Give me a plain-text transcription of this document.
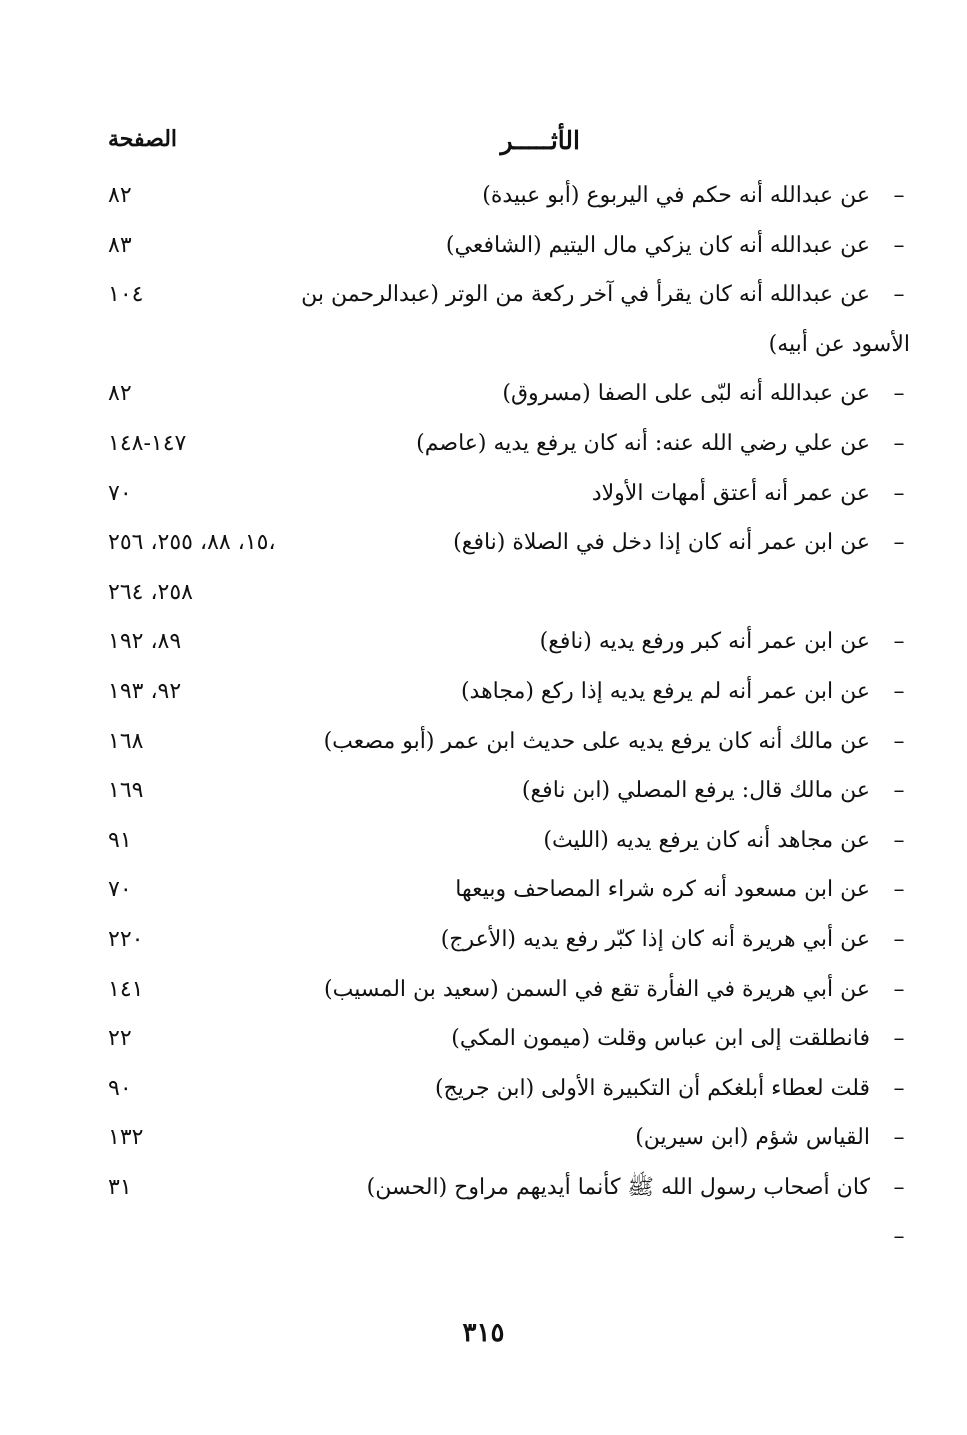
الأثـــــر
الصفحة
–
عن عبدالله أنه حكم في اليربوع (أبو عبيدة)
٨٢
–
عن عبدالله أنه كان يزكي مال اليتيم (الشافعي)
٨٣
–
عن عبدالله أنه كان يقرأ في آخر ركعة من الوتر (عبدالرحمن بن
١٠٤
الأسود عن أبيه)
–
عن عبدالله أنه لبّى على الصفا (مسروق)
٨٢
–
عن علي رضي الله عنه: أنه كان يرفع يديه (عاصم)
١٤٧-١٤٨
–
عن عمر أنه أعتق أمهات الأولاد
٧٠
–
عن ابن عمر أنه كان إذا دخل في الصلاة (نافع)
١٥، ٨٨، ٢٥٥، ٢٥٦،
٢٥٨، ٢٦٤
–
عن ابن عمر أنه كبر ورفع يديه (نافع)
٨٩، ١٩٢
–
عن ابن عمر أنه لم يرفع يديه إذا ركع (مجاهد)
٩٢، ١٩٣
–
عن مالك أنه كان يرفع يديه على حديث ابن عمر (أبو مصعب)
١٦٨
–
عن مالك قال: يرفع المصلي (ابن نافع)
١٦٩
–
عن مجاهد أنه كان يرفع يديه (الليث)
٩١
–
عن ابن مسعود أنه كره شراء المصاحف وبيعها
٧٠
–
عن أبي هريرة أنه كان إذا كبّر رفع يديه (الأعرج)
٢٢٠
–
عن أبي هريرة في الفأرة تقع في السمن (سعيد بن المسيب)
١٤١
–
فانطلقت إلى ابن عباس وقلت (ميمون المكي)
٢٢
–
قلت لعطاء أبلغكم أن التكبيرة الأولى (ابن جريج)
٩٠
–
القياس شؤم (ابن سيرين)
١٣٢
–
كان أصحاب رسول الله ﷺ كأنما أيديهم مراوح (الحسن)
٣١
–
٣١٥
